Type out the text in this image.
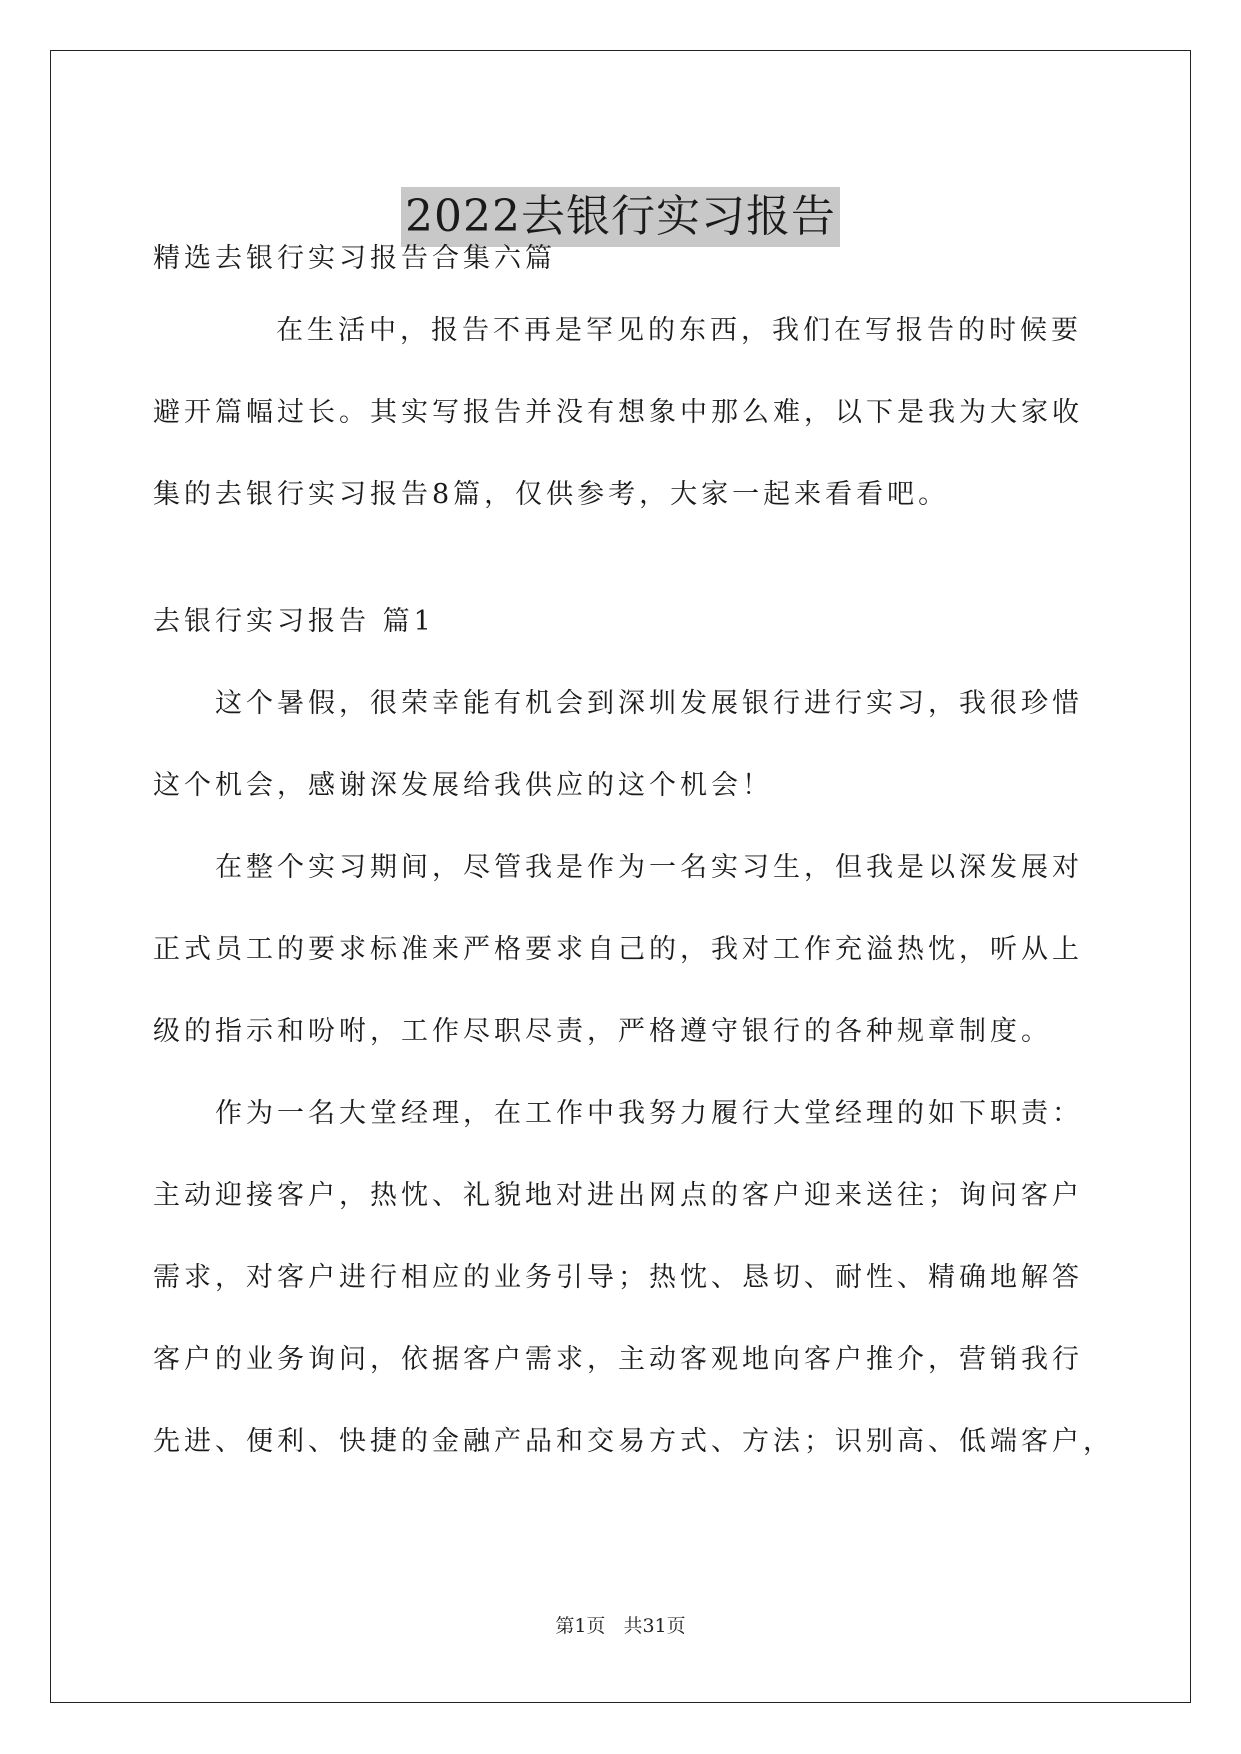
2022去银行实习报告
精选去银行实习报告合集六篇
在生活中，报告不再是罕见的东西，我们在写报告的时候要
避开篇幅过长。其实写报告并没有想象中那么难，以下是我为大家收
集的去银行实习报告8篇，仅供参考，大家一起来看看吧。
去银行实习报告 篇1
这个暑假，很荣幸能有机会到深圳发展银行进行实习，我很珍惜
这个机会，感谢深发展给我供应的这个机会！
在整个实习期间，尽管我是作为一名实习生，但我是以深发展对
正式员工的要求标准来严格要求自己的，我对工作充溢热忱，听从上
级的指示和吩咐，工作尽职尽责，严格遵守银行的各种规章制度。
作为一名大堂经理，在工作中我努力履行大堂经理的如下职责：
主动迎接客户，热忱、礼貌地对进出网点的客户迎来送往；询问客户
需求，对客户进行相应的业务引导；热忱、恳切、耐性、精确地解答
客户的业务询问，依据客户需求，主动客观地向客户推介，营销我行
先进、便利、快捷的金融产品和交易方式、方法；识别高、低端客户，
第1页 共31页
